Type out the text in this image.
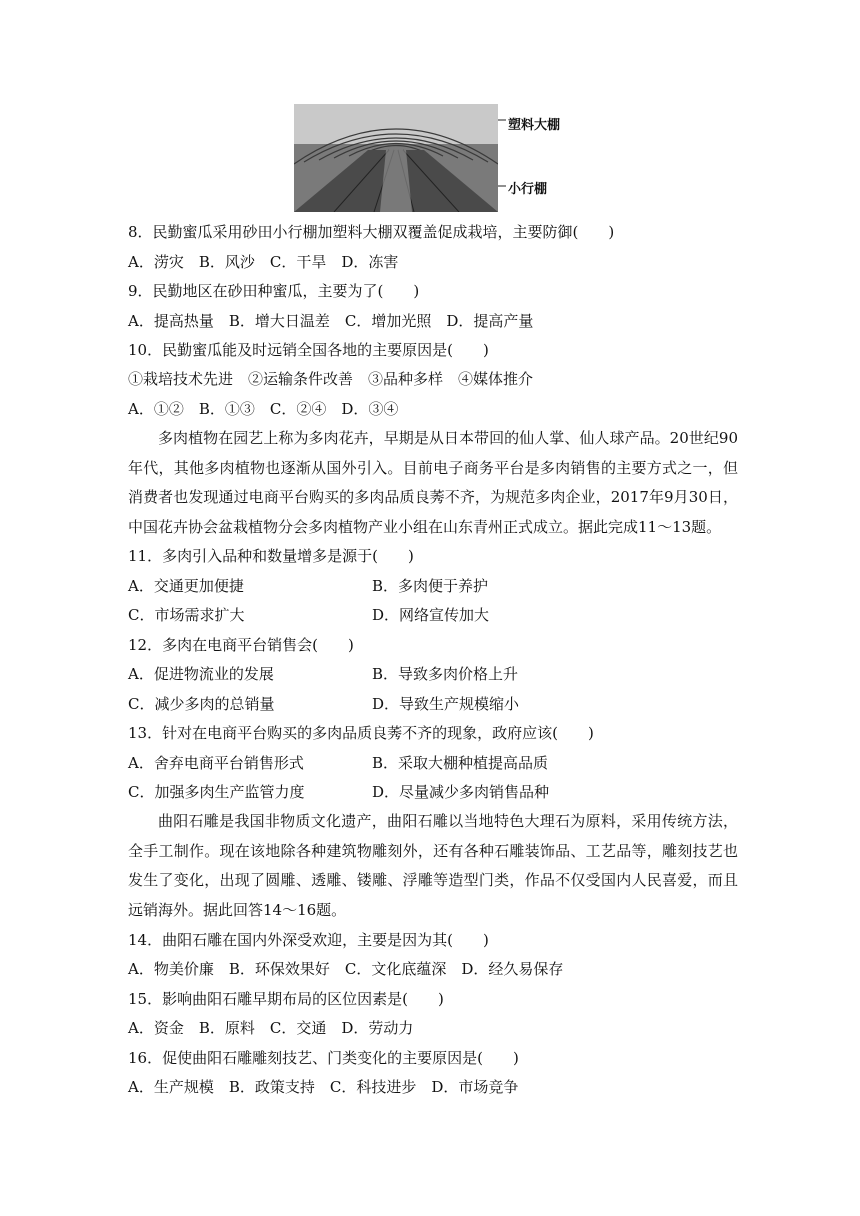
塑料大棚
小行棚
8．民勤蜜瓜采用砂田小行棚加塑料大棚双覆盖促成栽培，主要防御(　　)
A．涝灾　B．风沙　C．干旱　D．冻害
9．民勤地区在砂田种蜜瓜，主要为了(　　)
A．提高热量　B．增大日温差　C．增加光照　D．提高产量
10．民勤蜜瓜能及时远销全国各地的主要原因是(　　)
①栽培技术先进　②运输条件改善　③品种多样　④媒体推介
A．①②　B．①③　C．②④　D．③④
多肉植物在园艺上称为多肉花卉，早期是从日本带回的仙人掌、仙人球产品。20世纪90年代，其他多肉植物也逐渐从国外引入。目前电子商务平台是多肉销售的主要方式之一，但消费者也发现通过电商平台购买的多肉品质良莠不齐，为规范多肉企业，2017年9月30日，中国花卉协会盆栽植物分会多肉植物产业小组在山东青州正式成立。据此完成11～13题。
11．多肉引入品种和数量增多是源于(　　)
A．交通更加便捷	B．多肉便于养护
C．市场需求扩大	D．网络宣传加大
12．多肉在电商平台销售会(　　)
A．促进物流业的发展	B．导致多肉价格上升
C．减少多肉的总销量	D．导致生产规模缩小
13．针对在电商平台购买的多肉品质良莠不齐的现象，政府应该(　　)
A．舍弃电商平台销售形式	B．采取大棚种植提高品质
C．加强多肉生产监管力度	D．尽量减少多肉销售品种
曲阳石雕是我国非物质文化遗产，曲阳石雕以当地特色大理石为原料，采用传统方法，全手工制作。现在该地除各种建筑物雕刻外，还有各种石雕装饰品、工艺品等，雕刻技艺也发生了变化，出现了圆雕、透雕、镂雕、浮雕等造型门类，作品不仅受国内人民喜爱，而且远销海外。据此回答14～16题。
14．曲阳石雕在国内外深受欢迎，主要是因为其(　　)
A．物美价廉　B．环保效果好　C．文化底蕴深　D．经久易保存
15．影响曲阳石雕早期布局的区位因素是(　　)
A．资金　B．原料　C．交通　D．劳动力
16．促使曲阳石雕雕刻技艺、门类变化的主要原因是(　　)
A．生产规模　B．政策支持　C．科技进步　D．市场竞争
